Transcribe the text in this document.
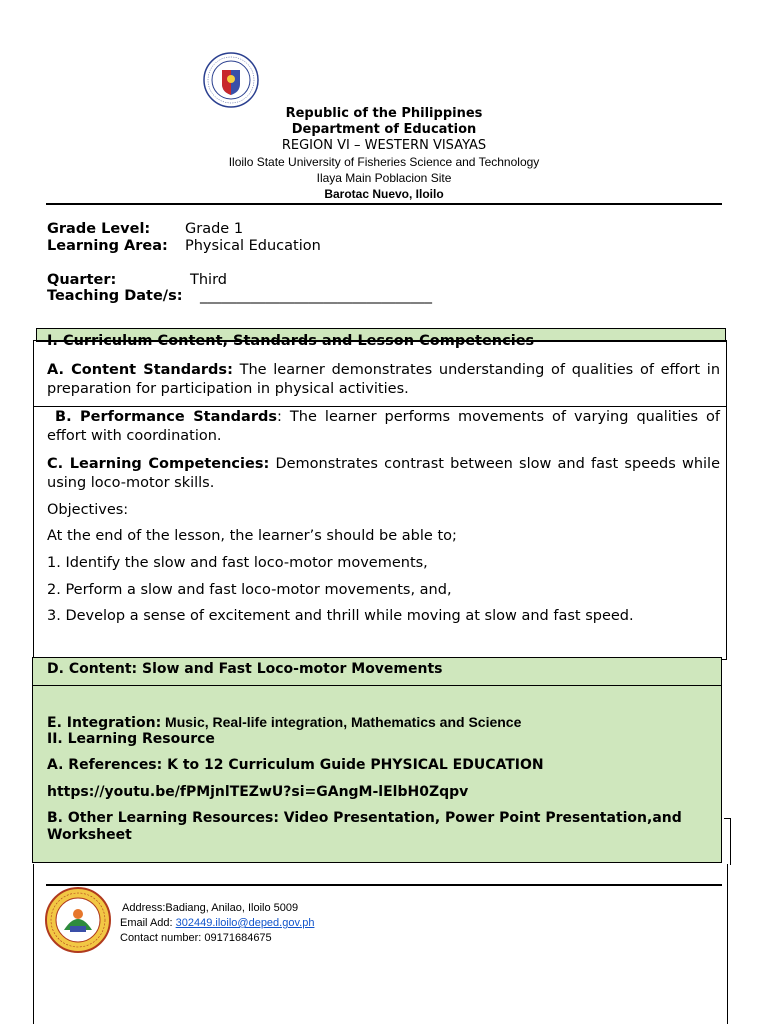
Republic of the Philippines
Department of Education
REGION VI – WESTERN VISAYAS
Iloilo State University of Fisheries Science and Technology
Ilaya Main Poblacion Site
Barotac Nuevo, Iloilo
Grade Level: Grade 1
Learning Area: Physical Education
Quarter:	Third
Teaching Date/s: ________________________________
I. Curriculum Content, Standards and Lesson Competencies
A. Content Standards: The learner demonstrates understanding of qualities of effort in preparation for participation in physical activities.
B. Performance Standards: The learner performs movements of varying qualities of effort with coordination.
C. Learning Competencies: Demonstrates contrast between slow and fast speeds while using loco-motor skills.
Objectives:
At the end of the lesson, the learner’s should be able to;
1. Identify the slow and fast loco-motor movements,
2. Perform a slow and fast loco-motor movements, and,
3. Develop a sense of excitement and thrill while moving at slow and fast speed.
D. Content: Slow and Fast Loco-motor Movements
E. Integration: Music, Real-life integration, Mathematics and Science
II. Learning Resource
A. References: K to 12 Curriculum Guide PHYSICAL EDUCATION
https://youtu.be/fPMjnlTEZwU?si=GAngM-lElbH0Zqpv
B. Other Learning Resources: Video Presentation, Power Point Presentation,and Worksheet
Address:Badiang, Anilao, Iloilo 5009
Email Add: 302449.iloilo@deped.gov.ph
Contact number: 09171684675
